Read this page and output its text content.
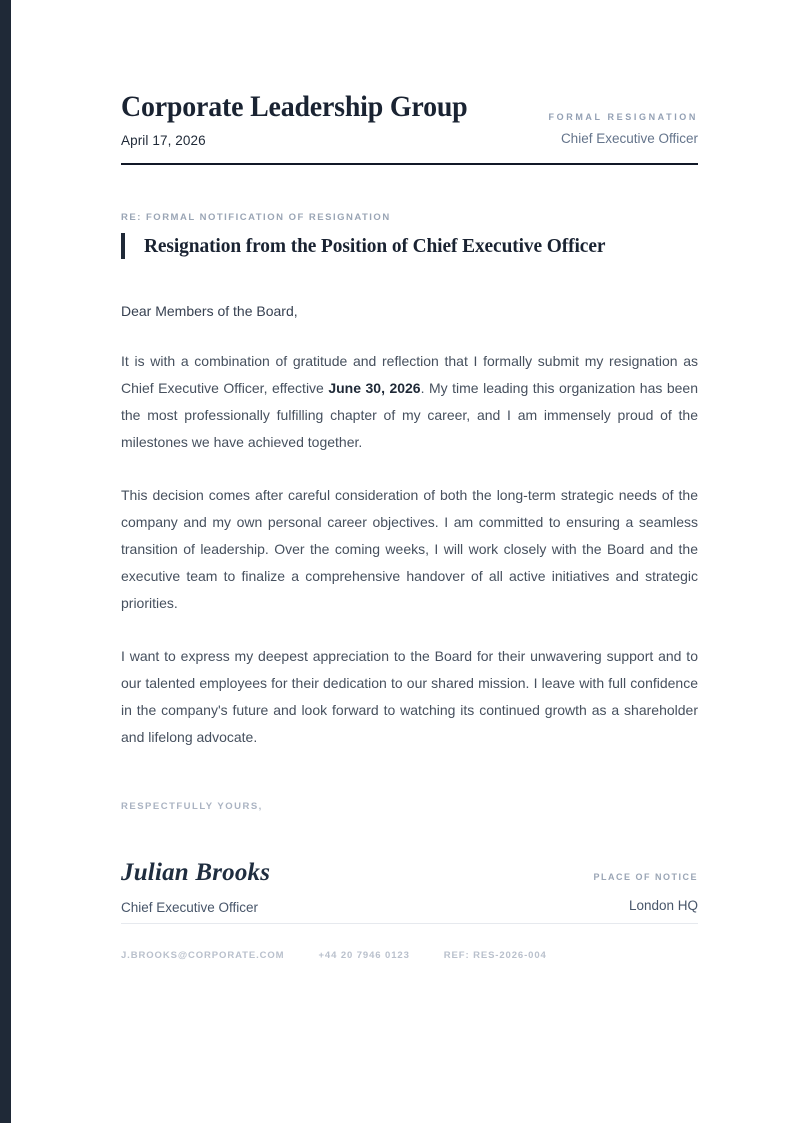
Corporate Leadership Group
April 17, 2026
FORMAL RESIGNATION
Chief Executive Officer
RE: FORMAL NOTIFICATION OF RESIGNATION
Resignation from the Position of Chief Executive Officer
Dear Members of the Board,

It is with a combination of gratitude and reflection that I formally submit my resignation as Chief Executive Officer, effective June 30, 2026. My time leading this organization has been the most professionally fulfilling chapter of my career, and I am immensely proud of the milestones we have achieved together.

This decision comes after careful consideration of both the long-term strategic needs of the company and my own personal career objectives. I am committed to ensuring a seamless transition of leadership. Over the coming weeks, I will work closely with the Board and the executive team to finalize a comprehensive handover of all active initiatives and strategic priorities.

I want to express my deepest appreciation to the Board for their unwavering support and to our talented employees for their dedication to our shared mission. I leave with full confidence in the company's future and look forward to watching its continued growth as a shareholder and lifelong advocate.

RESPECTFULLY YOURS,
Julian Brooks
Chief Executive Officer
PLACE OF NOTICE
London HQ
J.BROOKS@CORPORATE.COM	+44 20 7946 0123	REF: RES-2026-004
